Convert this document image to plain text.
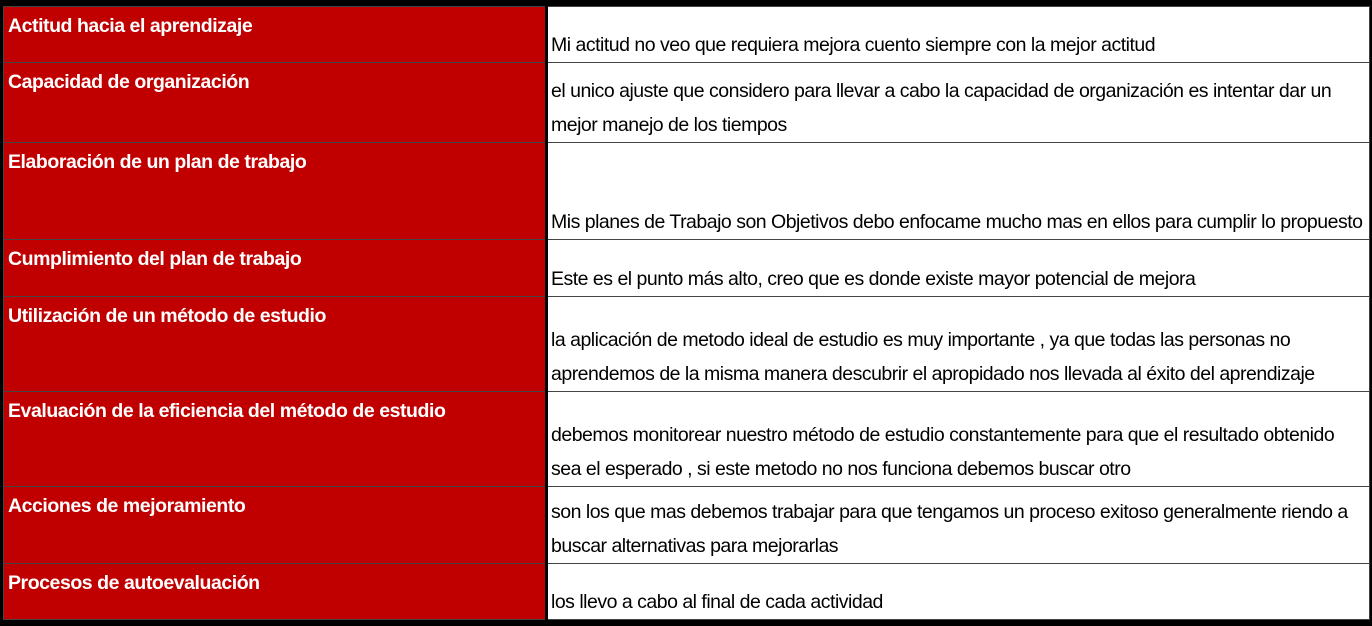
Actitud hacia el aprendizaje	Mi actitud no veo que requiera mejora cuento siempre con la mejor actitud
Capacidad de organización	el unico ajuste que considero para llevar a cabo la capacidad de organización es intentar dar un mejor manejo de los tiempos
Elaboración de un plan de trabajo	Mis planes de Trabajo son Objetivos debo enfocame mucho mas en ellos para cumplir lo propuesto
Cumplimiento del plan de trabajo	Este es el punto más alto, creo que es donde existe mayor potencial de mejora
Utilización de un método de estudio	la aplicación de metodo ideal de estudio es muy importante , ya que todas las personas no aprendemos de la misma manera descubrir el apropidado nos llevada al éxito del aprendizaje
Evaluación de la eficiencia del método de estudio	debemos monitorear nuestro método de estudio constantemente para que el resultado obtenido sea el esperado , si este metodo no nos funciona debemos buscar otro
Acciones de mejoramiento	son los que mas debemos trabajar para que tengamos un proceso exitoso generalmente riendo a buscar alternativas para mejorarlas
Procesos de autoevaluación	los llevo a cabo al final de cada actividad
